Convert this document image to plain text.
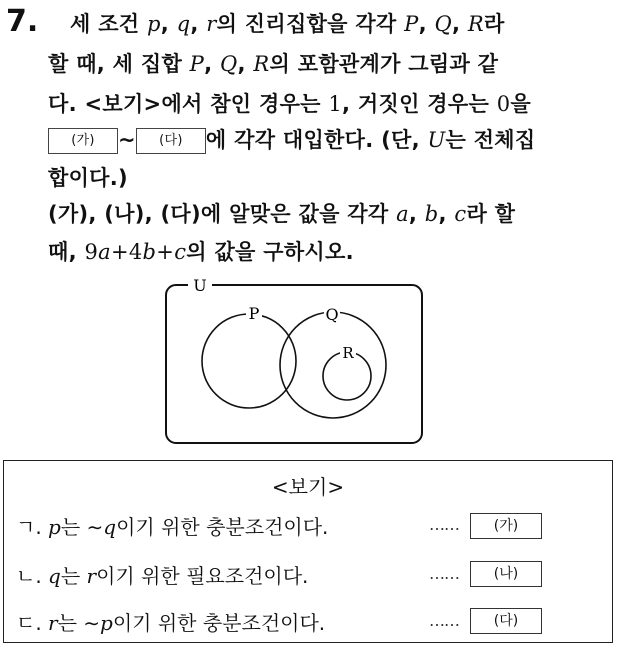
7. 세 조건 p, q, r의 진리집합을 각각 P, Q, R라
할 때, 세 집합 P, Q, R의 포함관계가 그림과 같
다. <보기>에서 참인 경우는 1, 거짓인 경우는 0을
(가) ~ (다) 에 각각 대입한다. (단, U는 전체집
합이다.)
(가), (나), (다)에 알맞은 값을 각각 a, b, c라 할
때, 9a+4b+c의 값을 구하시오.
U
P	Q
R
<보기>
ㄱ. p는 ∼q이기 위한 충분조건이다.	……	(가)
ㄴ. q는 r이기 위한 필요조건이다.	……	(나)
ㄷ. r는 ∼p이기 위한 충분조건이다.	……	(다)
